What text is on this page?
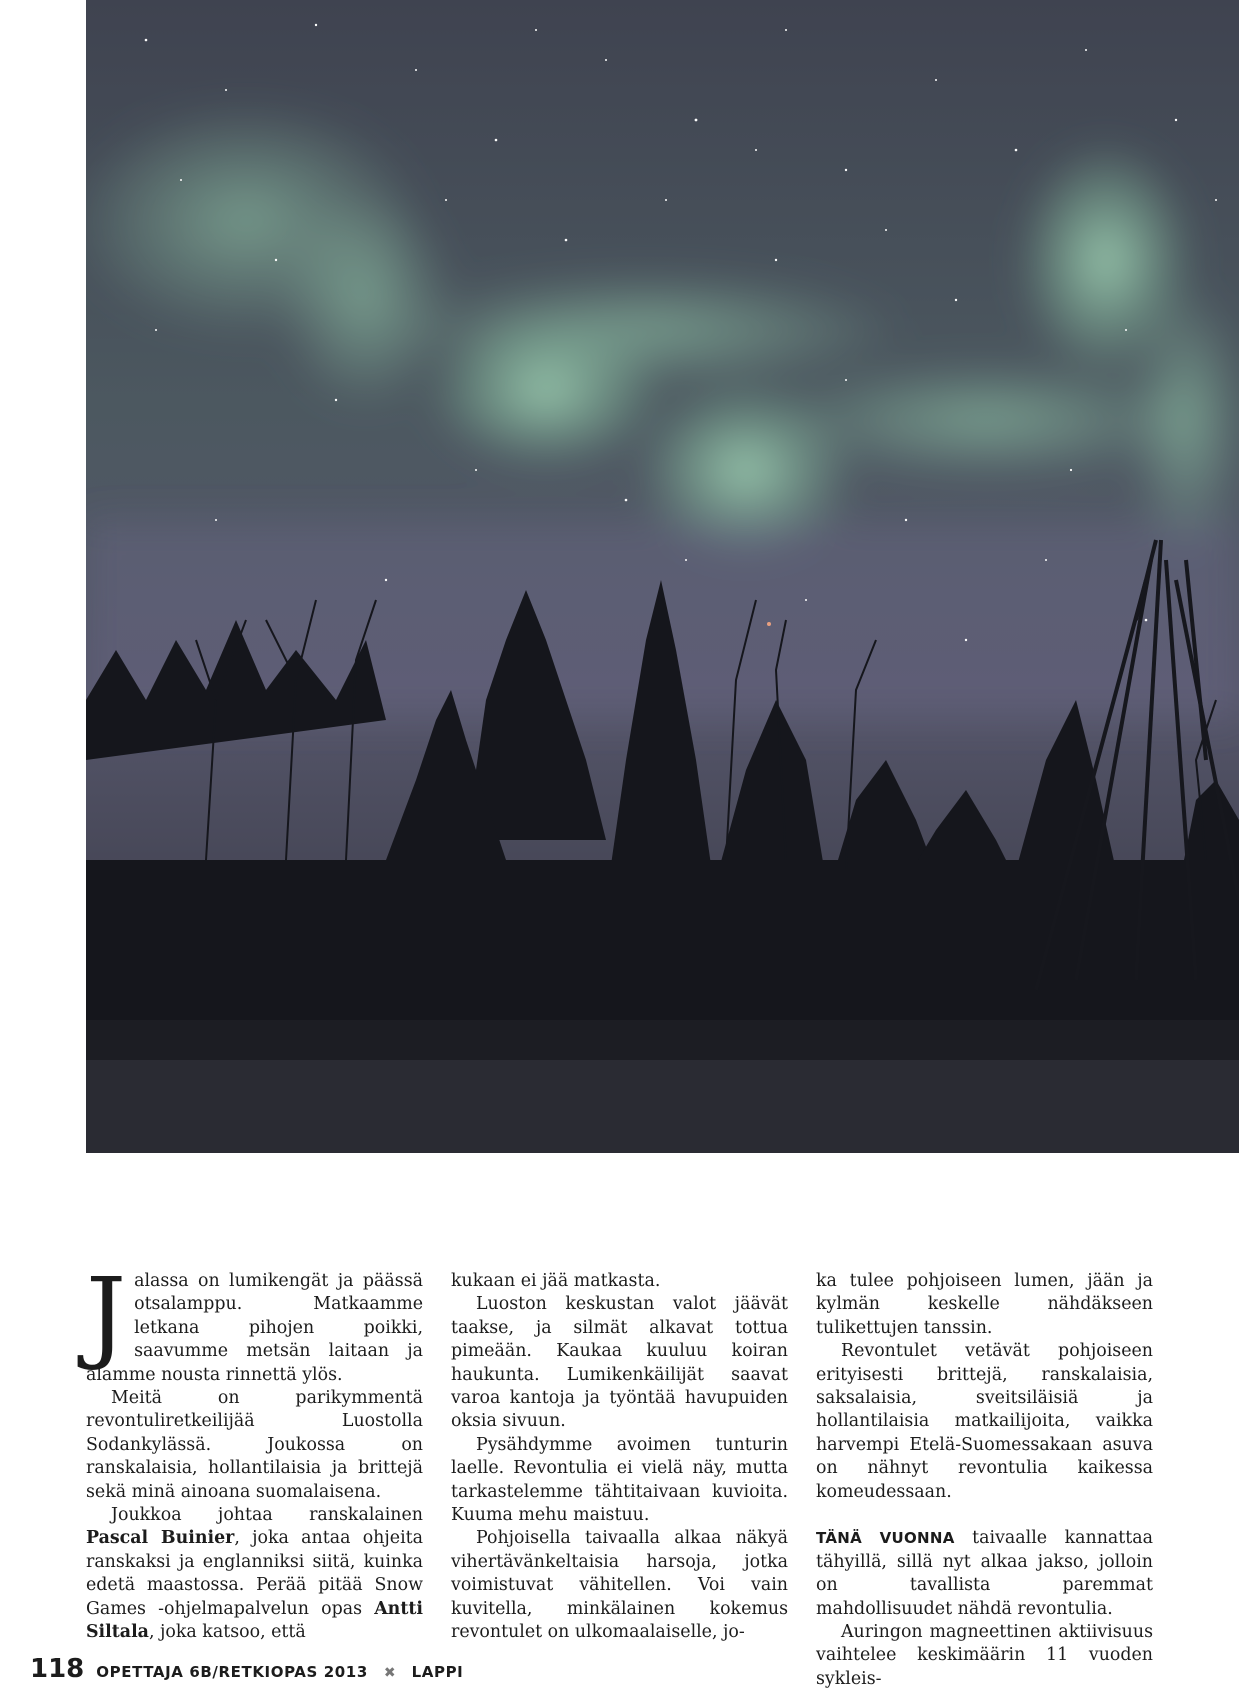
Jalassa on lumikengät ja päässä otsalamppu. Matkaamme letkana pihojen poikki, saavumme metsän laitaan ja alamme nousta rinnettä ylös.

Meitä on parikymmentä revontuliretkeilijää Luostolla Sodankylässä. Joukossa on ranskalaisia, hollantilaisia ja brittejä sekä minä ainoana suomalaisena.

Joukkoa johtaa ranskalainen Pascal Buinier, joka antaa ohjeita ranskaksi ja englanniksi siitä, kuinka edetä maastossa. Perää pitää Snow Games -ohjelmapalvelun opas Antti Siltala, joka katsoo, että

kukaan ei jää matkasta.

Luoston keskustan valot jäävät taakse, ja silmät alkavat tottua pimeään. Kaukaa kuuluu koiran haukunta. Lumikenkäilijät saavat varoa kantoja ja työntää havupuiden oksia sivuun.

Pysähdymme avoimen tunturin laelle. Revontulia ei vielä näy, mutta tarkastelemme tähtitaivaan kuvioita. Kuuma mehu maistuu.

Pohjoisella taivaalla alkaa näkyä vihertävänkeltaisia harsoja, jotka voimistuvat vähitellen. Voi vain kuvitella, minkälainen kokemus revontulet on ulkomaalaiselle, jo-

ka tulee pohjoiseen lumen, jään ja kylmän keskelle nähdäkseen tulikettujen tanssin.

Revontulet vetävät pohjoiseen erityisesti brittejä, ranskalaisia, saksalaisia, sveitsiläisiä ja hollantilaisia matkailijoita, vaikka harvempi Etelä-Suomessakaan asuva on nähnyt revontulia kaikessa komeudessaan.

TÄNÄ VUONNA taivaalle kannattaa tähyillä, sillä nyt alkaa jakso, jolloin on tavallista paremmat mahdollisuudet nähdä revontulia.

Auringon magneettinen aktiivisuus vaihtelee keskimäärin 11 vuoden sykleis-

118 OPETTAJA 6B/RETKIOPAS 2013 ✖ LAPPI
